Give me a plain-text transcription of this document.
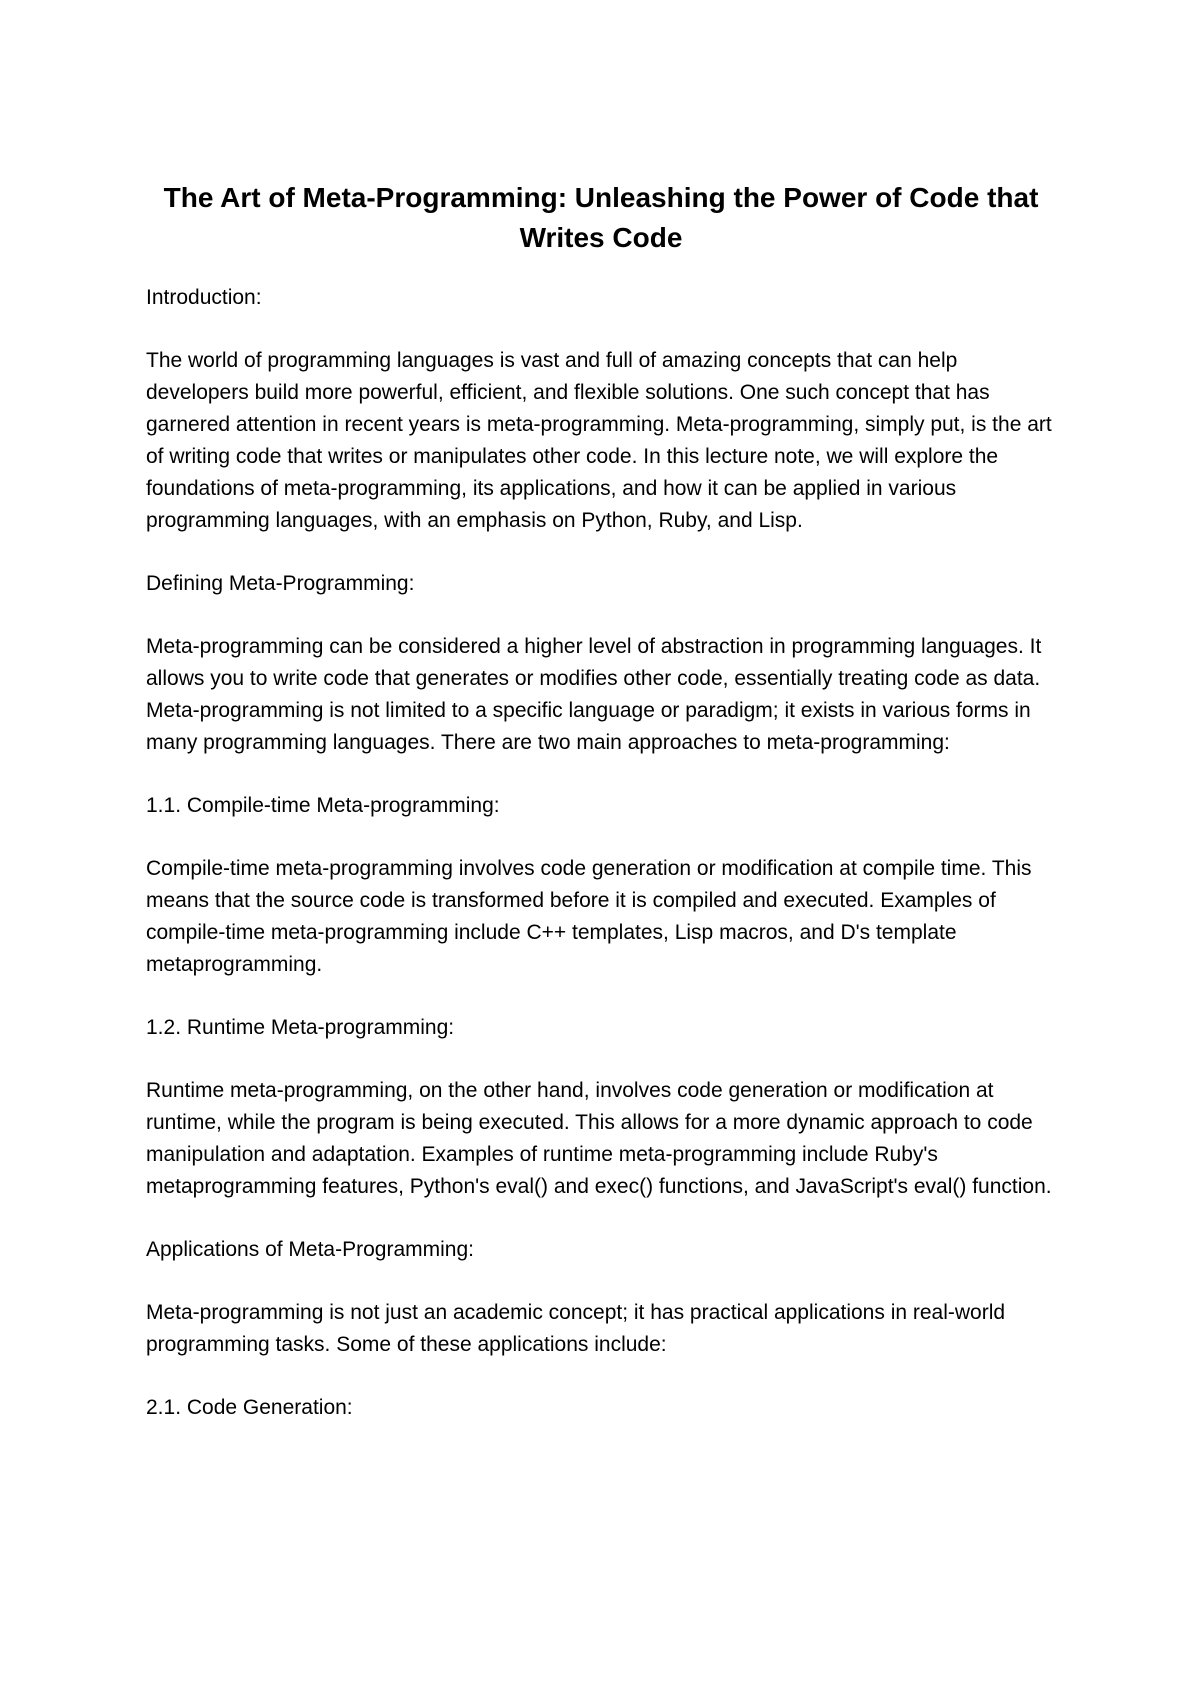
The Art of Meta-Programming: Unleashing the Power of Code that Writes Code
Introduction:
The world of programming languages is vast and full of amazing concepts that can help developers build more powerful, efficient, and flexible solutions. One such concept that has garnered attention in recent years is meta-programming. Meta-programming, simply put, is the art of writing code that writes or manipulates other code. In this lecture note, we will explore the foundations of meta-programming, its applications, and how it can be applied in various programming languages, with an emphasis on Python, Ruby, and Lisp.
Defining Meta-Programming:
Meta-programming can be considered a higher level of abstraction in programming languages. It allows you to write code that generates or modifies other code, essentially treating code as data. Meta-programming is not limited to a specific language or paradigm; it exists in various forms in many programming languages. There are two main approaches to meta-programming:
1.1. Compile-time Meta-programming:
Compile-time meta-programming involves code generation or modification at compile time. This means that the source code is transformed before it is compiled and executed. Examples of compile-time meta-programming include C++ templates, Lisp macros, and D's template metaprogramming.
1.2. Runtime Meta-programming:
Runtime meta-programming, on the other hand, involves code generation or modification at runtime, while the program is being executed. This allows for a more dynamic approach to code manipulation and adaptation. Examples of runtime meta-programming include Ruby's metaprogramming features, Python's eval() and exec() functions, and JavaScript's eval() function.
Applications of Meta-Programming:
Meta-programming is not just an academic concept; it has practical applications in real-world programming tasks. Some of these applications include:
2.1. Code Generation:
